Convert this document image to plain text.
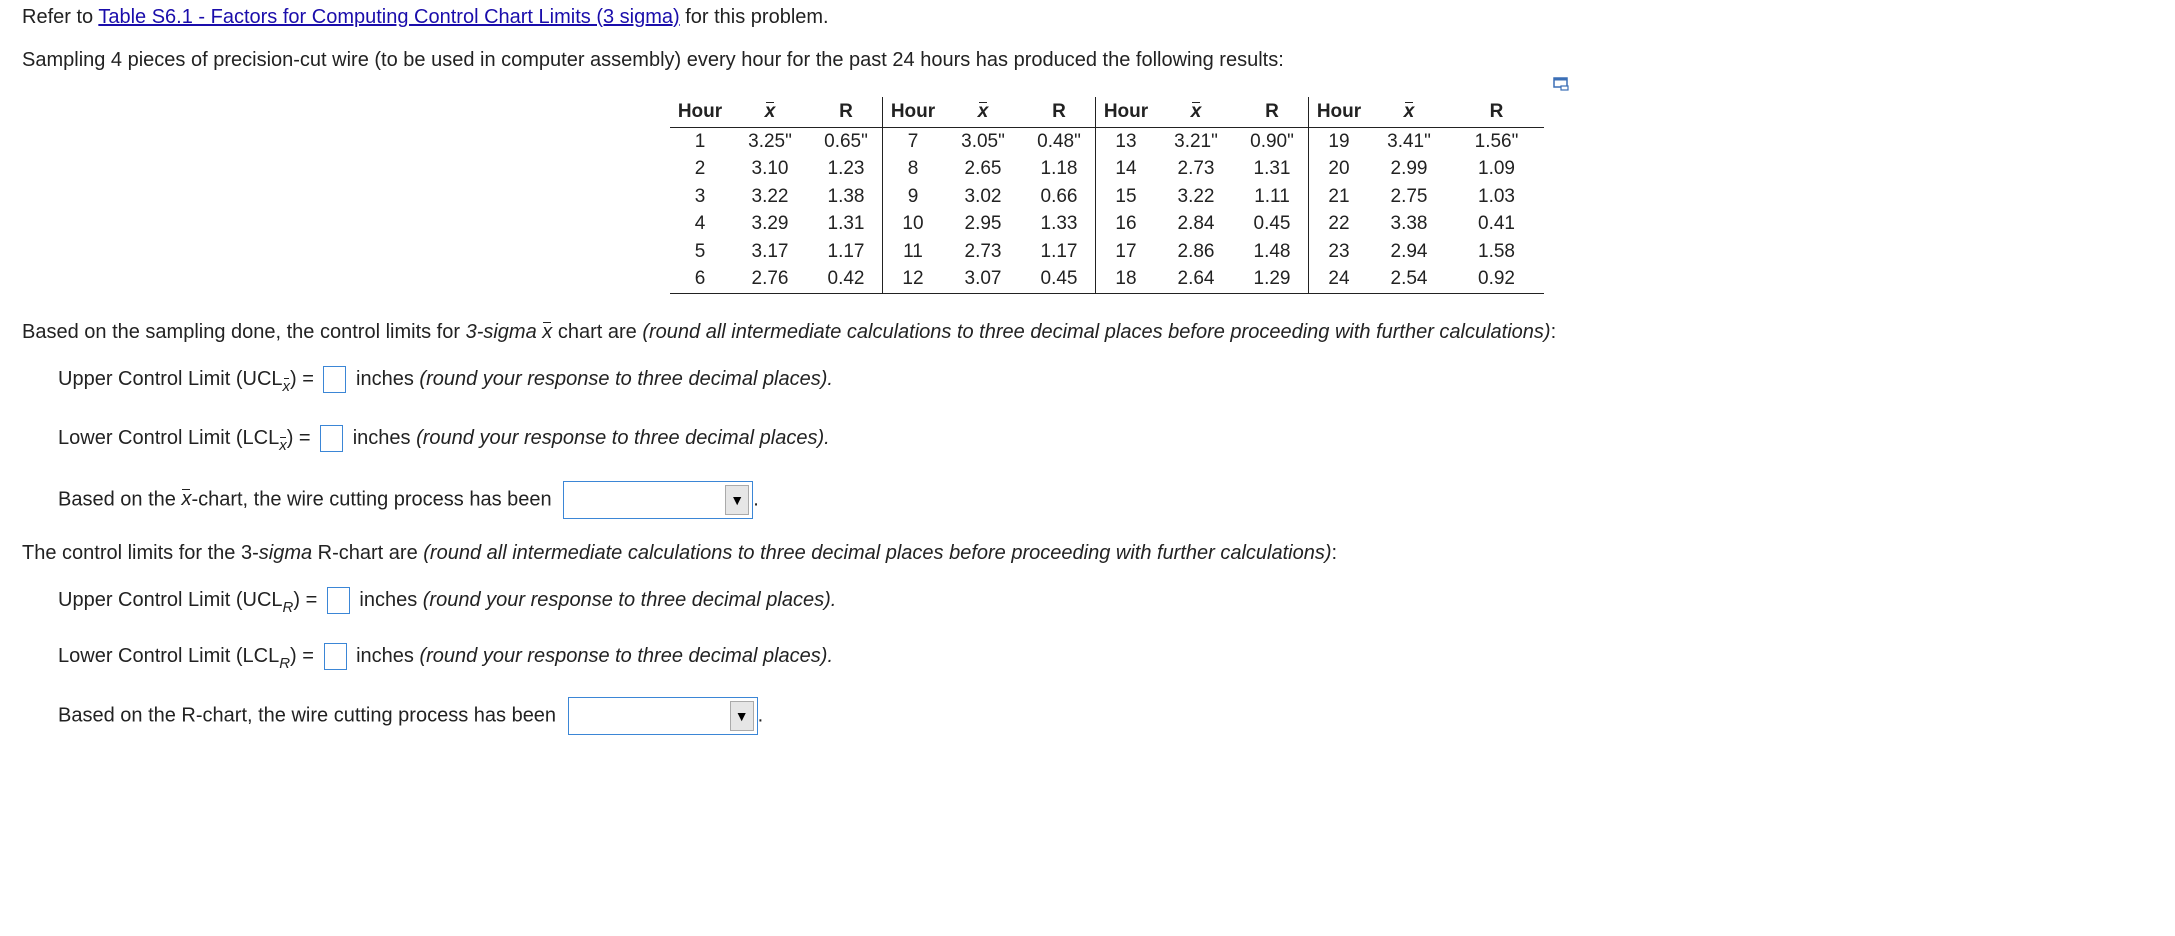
Refer to Table S6.1 - Factors for Computing Control Chart Limits (3 sigma) for this problem.
Sampling 4 pieces of precision-cut wire (to be used in computer assembly) every hour for the past 24 hours has produced the following results:
Hour	x	R	Hour	x	R	Hour	x	R	Hour	x	R
1	3.25"	0.65"	7	3.05"	0.48"	13	3.21"	0.90"	19	3.41"	1.56"
2	3.10	1.23	8	2.65	1.18	14	2.73	1.31	20	2.99	1.09
3	3.22	1.38	9	3.02	0.66	15	3.22	1.11	21	2.75	1.03
4	3.29	1.31	10	2.95	1.33	16	2.84	0.45	22	3.38	0.41
5	3.17	1.17	11	2.73	1.17	17	2.86	1.48	23	2.94	1.58
6	2.76	0.42	12	3.07	0.45	18	2.64	1.29	24	2.54	0.92
Based on the sampling done, the control limits for 3-sigma x chart are (round all intermediate calculations to three decimal places before proceeding with further calculations):
Upper Control Limit $(UCL_x)$ = inches (round your response to three decimal places).
Lower Control Limit $(LCL_x)$ = inches (round your response to three decimal places).
Based on the x-chart, the wire cutting process has been	▼ .
The control limits for the 3-sigma R-chart are (round all intermediate calculations to three decimal places before proceeding with further calculations):
Upper Control Limit $(UCL_R)$ = inches (round your response to three decimal places).
Lower Control Limit $(LCL_R)$ = inches (round your response to three decimal places).
Based on the R-chart, the wire cutting process has been	▼ .
